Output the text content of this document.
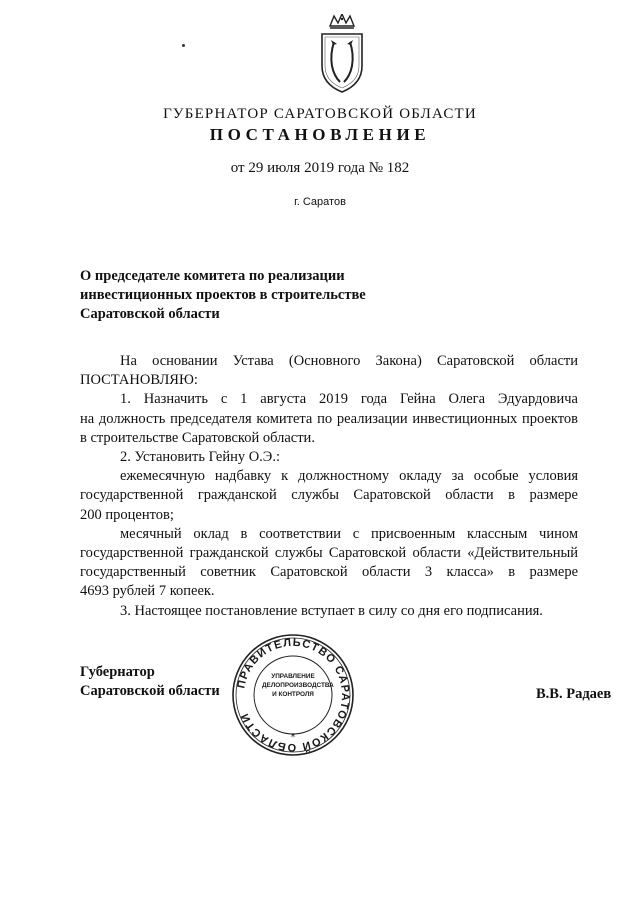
ГУБЕРНАТОР САРАТОВСКОЙ ОБЛАСТИ
ПОСТАНОВЛЕНИЕ
от 29 июля 2019 года № 182
г. Саратов
О председателе комитета по реализации
инвестиционных проектов в строительстве
Саратовской области
На основании Устава (Основного Закона) Саратовской области
ПОСТАНОВЛЯЮ:
1. Назначить с 1 августа 2019 года Гейна Олега Эдуардовича
на должность председателя комитета по реализации инвестиционных проектов
в строительстве Саратовской области.
2. Установить Гейну О.Э.:
ежемесячную надбавку к должностному окладу за особые условия
государственной гражданской службы Саратовской области в размере
200 процентов;
месячный оклад в соответствии с присвоенным классным чином
государственной гражданской службы Саратовской области «Действительный
государственный советник Саратовской области 3 класса» в размере
4693 рублей 7 копеек.
3. Настоящее постановление вступает в силу со дня его подписания.
Губернатор
Саратовской области ПРАВИТЕЛЬСТВО САРАТОВСКОЙ ОБЛАСТИ
*
УПРАВЛЕНИЕ
ДЕЛОПРОИЗВОДСТВА
И КОНТРОЛЯ	В.В. Радаев
